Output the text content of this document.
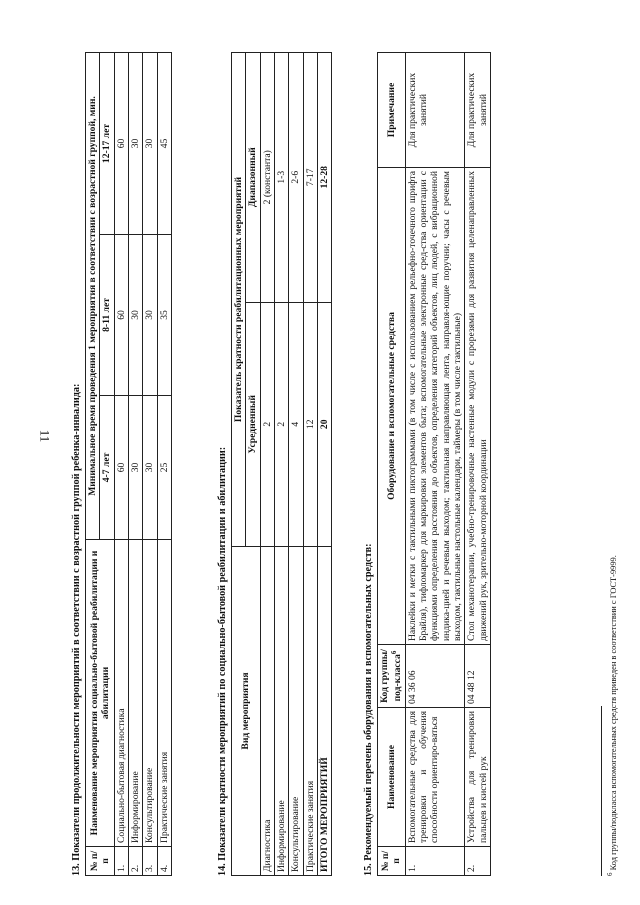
11 13. Показатели продолжительности мероприятий в соответствии с возрастной группой ребенка-инвалида: № п/п	Наименование мероприятия социально-бытовой реабилитации и абилитации	Минимальное время проведения 1 мероприятия в соответствии с возрастной группой, мин.		
		4-7 лет	8-11 лет	12-17 лет
1.	Социально-бытовая диагностика	60	60	60
2.	Информирование	30	30	30
3.	Консультирование	30	30	30
4.	Практические занятия	25	35	45
14. Показатели кратности мероприятий по социально-бытовой реабилитации и абилитации: Вид мероприятия	Показатель кратности реабилитационных мероприятий	
	Усредненный	Диапазонный
Диагностика	2	2 (константа)
Информирование	2	1-3
Консультирование	4	2-6
Практические занятия	12	7-17
ИТОГО МЕРОПРИЯТИЙ	20	12-28
15. Рекомендуемый перечень оборудования и вспомогательных средств: № п/п	Наименование	Код группы/под-класса$^6$	Оборудование и вспомогательные средства	Примечание
1.	Вспомогательные средства для тренировки и обучения способности ориентиро-ваться	04 36 06	Наклейки и метки с тактильными пиктограммами (в том числе с использованием рельефно-точечного шрифта Брайля), тифломаркер для маркировки элементов быта; вспомогательные электронные сред-ства ориентации с функциями определения расстояния до объектов, определения категорий объектов, лиц людей, с вибрационной индика-цией и речевым выходом; тактильная направляющая лента, направля-ющие поручни; часы с речевым выходом, тактильные настольные календари, таймеры (в том числе тактильные)	Для практических занятий
2.	Устройства для тренировки пальцев и кистей рук	04 48 12	Стол механотерапии, учебно-тренировочные настенные модули с прорезями для развития целенаправленных движений рук, зрительно-моторной координации	Для практических занятий
$^6$ Код группы/подкласса вспомогательных средств приведен в соответствии с ГОСТ-9999.
